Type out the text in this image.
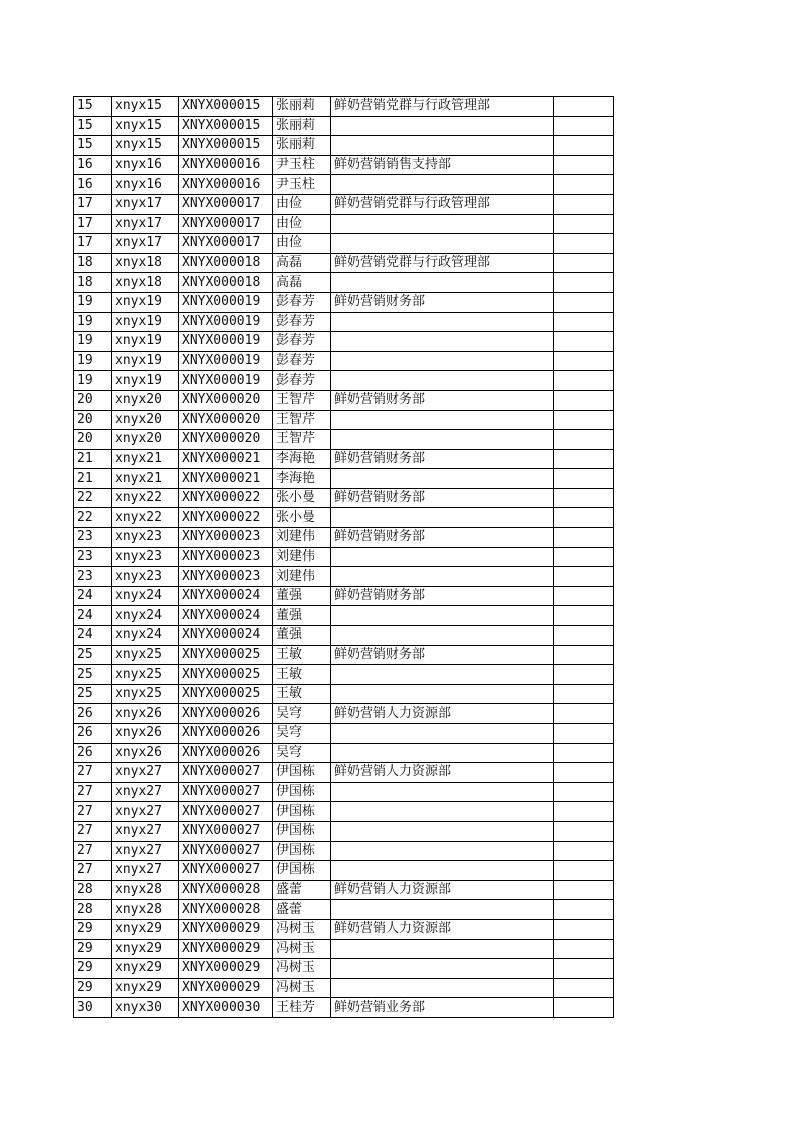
15	xnyx15	XNYX000015	张丽莉	鲜奶营销党群与行政管理部	
15	xnyx15	XNYX000015	张丽莉		
15	xnyx15	XNYX000015	张丽莉		
16	xnyx16	XNYX000016	尹玉柱	鲜奶营销销售支持部	
16	xnyx16	XNYX000016	尹玉柱		
17	xnyx17	XNYX000017	由俭	鲜奶营销党群与行政管理部	
17	xnyx17	XNYX000017	由俭		
17	xnyx17	XNYX000017	由俭		
18	xnyx18	XNYX000018	高磊	鲜奶营销党群与行政管理部	
18	xnyx18	XNYX000018	高磊		
19	xnyx19	XNYX000019	彭春芳	鲜奶营销财务部	
19	xnyx19	XNYX000019	彭春芳		
19	xnyx19	XNYX000019	彭春芳		
19	xnyx19	XNYX000019	彭春芳		
19	xnyx19	XNYX000019	彭春芳		
20	xnyx20	XNYX000020	王智芹	鲜奶营销财务部	
20	xnyx20	XNYX000020	王智芹		
20	xnyx20	XNYX000020	王智芹		
21	xnyx21	XNYX000021	李海艳	鲜奶营销财务部	
21	xnyx21	XNYX000021	李海艳		
22	xnyx22	XNYX000022	张小曼	鲜奶营销财务部	
22	xnyx22	XNYX000022	张小曼		
23	xnyx23	XNYX000023	刘建伟	鲜奶营销财务部	
23	xnyx23	XNYX000023	刘建伟		
23	xnyx23	XNYX000023	刘建伟		
24	xnyx24	XNYX000024	董强	鲜奶营销财务部	
24	xnyx24	XNYX000024	董强		
24	xnyx24	XNYX000024	董强		
25	xnyx25	XNYX000025	王敏	鲜奶营销财务部	
25	xnyx25	XNYX000025	王敏		
25	xnyx25	XNYX000025	王敏		
26	xnyx26	XNYX000026	吴穹	鲜奶营销人力资源部	
26	xnyx26	XNYX000026	吴穹		
26	xnyx26	XNYX000026	吴穹		
27	xnyx27	XNYX000027	伊国栋	鲜奶营销人力资源部	
27	xnyx27	XNYX000027	伊国栋		
27	xnyx27	XNYX000027	伊国栋		
27	xnyx27	XNYX000027	伊国栋		
27	xnyx27	XNYX000027	伊国栋		
27	xnyx27	XNYX000027	伊国栋		
28	xnyx28	XNYX000028	盛蕾	鲜奶营销人力资源部	
28	xnyx28	XNYX000028	盛蕾		
29	xnyx29	XNYX000029	冯树玉	鲜奶营销人力资源部	
29	xnyx29	XNYX000029	冯树玉		
29	xnyx29	XNYX000029	冯树玉		
29	xnyx29	XNYX000029	冯树玉		
30	xnyx30	XNYX000030	王桂芳	鲜奶营销业务部	
